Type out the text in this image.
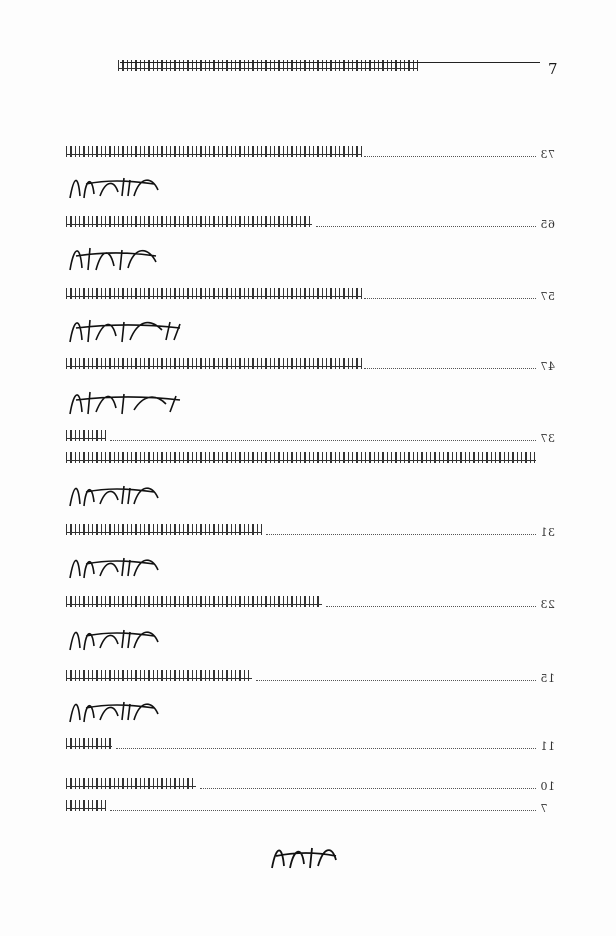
7
73
65
57
47
37
31
23
15
11
10
7
